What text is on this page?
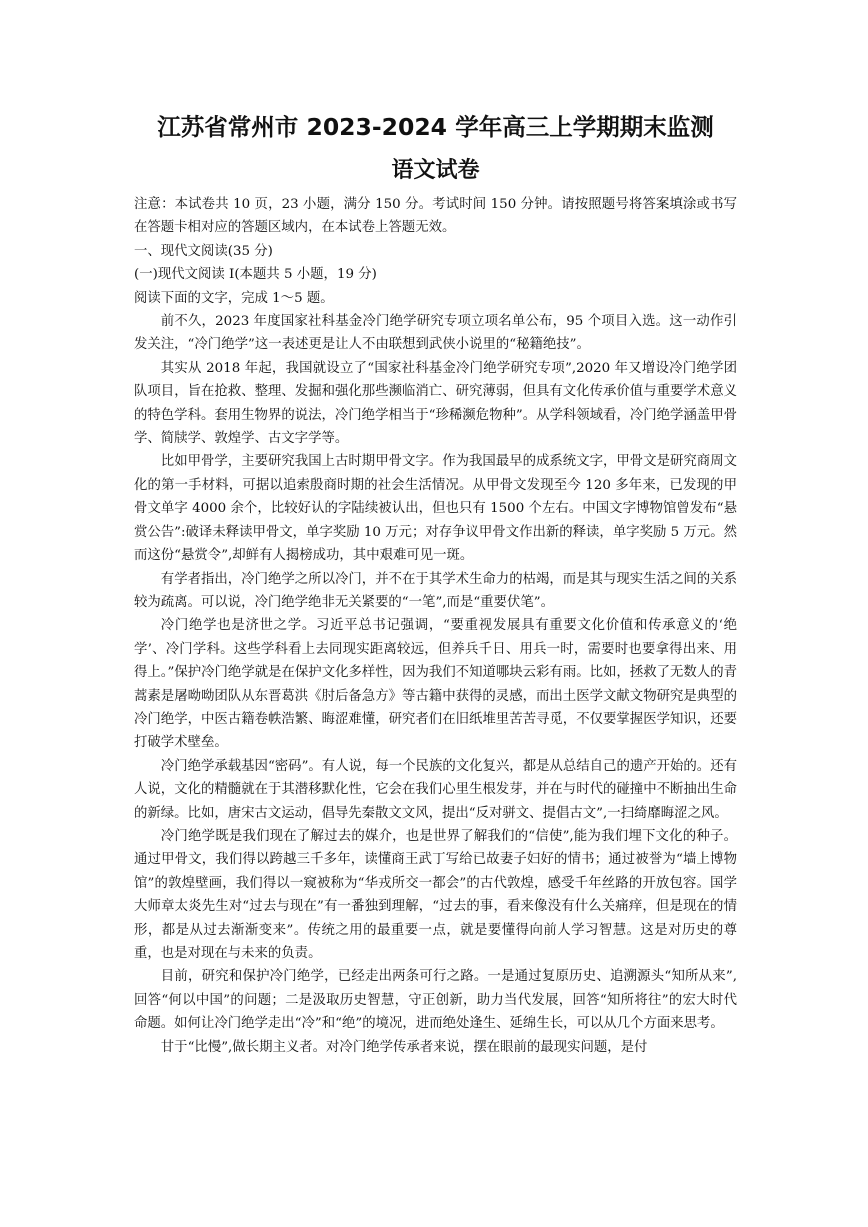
江苏省常州市 2023-2024 学年高三上学期期末监测
语文试卷

注意：本试卷共 10 页，23 小题，满分 150 分。考试时间 150 分钟。请按照题号将答案填涂或书写在答题卡相对应的答题区域内，在本试卷上答题无效。

一、现代文阅读(35 分)

(一)现代文阅读 I(本题共 5 小题，19 分)

阅读下面的文字，完成 1～5 题。

前不久，2023 年度国家社科基金冷门绝学研究专项立项名单公布，95 个项目入选。这一动作引发关注，“冷门绝学”这一表述更是让人不由联想到武侠小说里的“秘籍绝技”。

其实从 2018 年起，我国就设立了“国家社科基金冷门绝学研究专项”,2020 年又增设冷门绝学团队项目，旨在抢救、整理、发掘和强化那些濒临消亡、研究薄弱，但具有文化传承价值与重要学术意义的特色学科。套用生物界的说法，冷门绝学相当于“珍稀濒危物种”。从学科领域看，冷门绝学涵盖甲骨学、简牍学、敦煌学、古文字学等。

比如甲骨学，主要研究我国上古时期甲骨文字。作为我国最早的成系统文字，甲骨文是研究商周文化的第一手材料，可据以追索殷商时期的社会生活情况。从甲骨文发现至今 120 多年来，已发现的甲骨文单字 4000 余个，比较好认的字陆续被认出，但也只有 1500 个左右。中国文字博物馆曾发布“悬赏公告”:破译未释读甲骨文，单字奖励 10 万元；对存争议甲骨文作出新的释读，单字奖励 5 万元。然而这份“悬赏令”,却鲜有人揭榜成功，其中艰难可见一斑。

有学者指出，冷门绝学之所以冷门，并不在于其学术生命力的枯竭，而是其与现实生活之间的关系较为疏离。可以说，冷门绝学绝非无关紧要的“一笔”,而是“重要伏笔”。

冷门绝学也是济世之学。习近平总书记强调，“要重视发展具有重要文化价值和传承意义的‘绝学’、冷门学科。这些学科看上去同现实距离较远，但养兵千日、用兵一时，需要时也要拿得出来、用得上。”保护冷门绝学就是在保护文化多样性，因为我们不知道哪块云彩有雨。比如，拯救了无数人的青蒿素是屠呦呦团队从东晋葛洪《肘后备急方》等古籍中获得的灵感，而出土医学文献文物研究是典型的冷门绝学，中医古籍卷帙浩繁、晦涩难懂，研究者们在旧纸堆里苦苦寻觅，不仅要掌握医学知识，还要打破学术壁垒。

冷门绝学承载基因“密码”。有人说，每一个民族的文化复兴，都是从总结自己的遗产开始的。还有人说，文化的精髓就在于其潜移默化性，它会在我们心里生根发芽，并在与时代的碰撞中不断抽出生命的新绿。比如，唐宋古文运动，倡导先秦散文文风，提出“反对骈文、提倡古文”,一扫绮靡晦涩之风。

冷门绝学既是我们现在了解过去的媒介，也是世界了解我们的“信使”,能为我们埋下文化的种子。通过甲骨文，我们得以跨越三千多年，读懂商王武丁写给已故妻子妇好的情书；通过被誉为“墙上博物馆”的敦煌壁画，我们得以一窥被称为“华戎所交一都会”的古代敦煌，感受千年丝路的开放包容。国学大师章太炎先生对“过去与现在”有一番独到理解，“过去的事，看来像没有什么关痛痒，但是现在的情形，都是从过去渐渐变来”。传统之用的最重要一点，就是要懂得向前人学习智慧。这是对历史的尊重，也是对现在与未来的负责。

目前，研究和保护冷门绝学，已经走出两条可行之路。一是通过复原历史、追溯源头“知所从来”,回答“何以中国”的问题；二是汲取历史智慧，守正创新，助力当代发展，回答“知所将往”的宏大时代命题。如何让冷门绝学走出“冷”和“绝”的境况，进而绝处逢生、延绵生长，可以从几个方面来思考。

甘于“比慢”,做长期主义者。对冷门绝学传承者来说，摆在眼前的最现实问题，是付
